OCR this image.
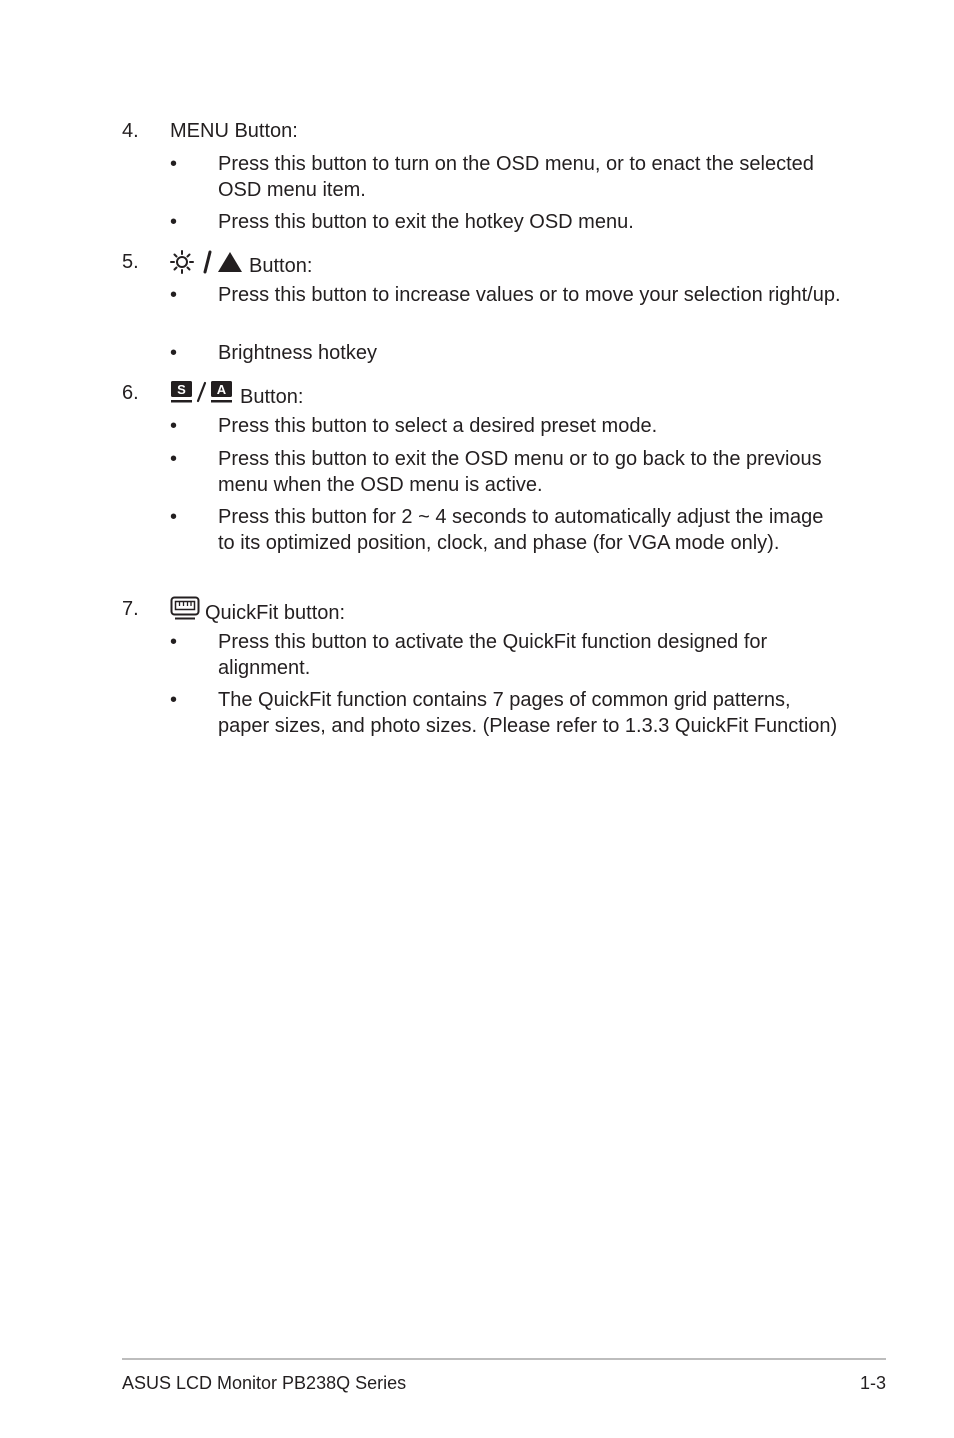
4. MENU Button:
• Press this button to turn on the OSD menu, or to enact the selected OSD menu item.
• Press this button to exit the hotkey OSD menu.
5.	Button:
• Press this button to increase values or to move your selection right/up.
• Brightness hotkey
6.	S A Button:
• Press this button to select a desired preset mode.
• Press this button to exit the OSD menu or to go back to the previous menu when the OSD menu is active.
• Press this button for 2 ~ 4 seconds to automatically adjust the image to its optimized position, clock, and phase (for VGA mode only).
7.	QuickFit button:
• Press this button to activate the QuickFit function designed for alignment.
• The QuickFit function contains 7 pages of common grid patterns, paper sizes, and photo sizes. (Please refer to 1.3.3 QuickFit Function)
ASUS LCD Monitor PB238Q Series	1-3
